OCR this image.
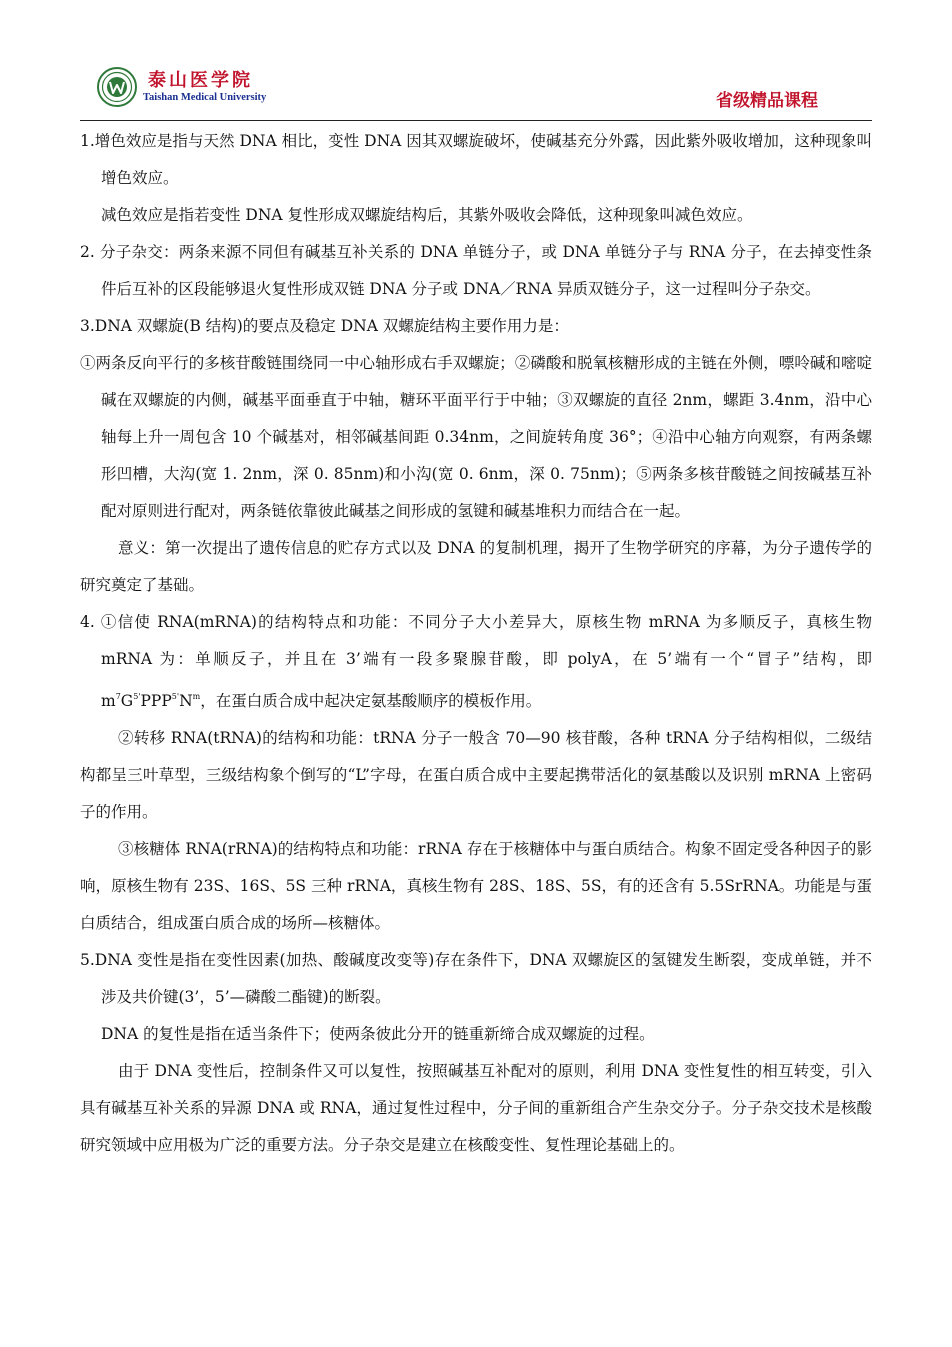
泰山医学院
Taishan Medical University	省级精品课程

1.增色效应是指与天然 DNA 相比，变性 DNA 因其双螺旋破坏，使碱基充分外露，因此紫外吸收增加，这种现象叫增色效应。

减色效应是指若变性 DNA 复性形成双螺旋结构后，其紫外吸收会降低，这种现象叫减色效应。

2. 分子杂交：两条来源不同但有碱基互补关系的 DNA 单链分子，或 DNA 单链分子与 RNA 分子，在去掉变性条件后互补的区段能够退火复性形成双链 DNA 分子或 DNA／RNA 异质双链分子，这一过程叫分子杂交。

3.DNA 双螺旋(B 结构)的要点及稳定 DNA 双螺旋结构主要作用力是：

①两条反向平行的多核苷酸链围绕同一中心轴形成右手双螺旋；②磷酸和脱氧核糖形成的主链在外侧，嘌呤碱和嘧啶碱在双螺旋的内侧，碱基平面垂直于中轴，糖环平面平行于中轴；③双螺旋的直径 2nm，螺距 3.4nm，沿中心轴每上升一周包含 10 个碱基对，相邻碱基间距 0.34nm，之间旋转角度 36°；④沿中心轴方向观察，有两条螺形凹槽，大沟(宽 1. 2nm，深 0. 85nm)和小沟(宽 0. 6nm，深 0. 75nm)；⑤两条多核苷酸链之间按碱基互补配对原则进行配对，两条链依靠彼此碱基之间形成的氢键和碱基堆积力而结合在一起。

意义：第一次提出了遗传信息的贮存方式以及 DNA 的复制机理，揭开了生物学研究的序幕，为分子遗传学的研究奠定了基础。

4. ①信使 RNA(mRNA)的结构特点和功能：不同分子大小差异大，原核生物 mRNA 为多顺反子，真核生物 mRNA 为：单顺反子，并且在 3’端有一段多聚腺苷酸，即 polyA，在 5’端有一个“冒子”结构，即 $m^7G^{5'}PPP^{5'}N^m$，在蛋白质合成中起决定氨基酸顺序的模板作用。

②转移 RNA(tRNA)的结构和功能：tRNA 分子一般含 70—90 核苷酸，各种 tRNA 分子结构相似，二级结构都呈三叶草型，三级结构象个倒写的“L”字母，在蛋白质合成中主要起携带活化的氨基酸以及识别 mRNA 上密码子的作用。

③核糖体 RNA(rRNA)的结构特点和功能：rRNA 存在于核糖体中与蛋白质结合。构象不固定受各种因子的影响，原核生物有 23S、16S、5S 三种 rRNA，真核生物有 28S、18S、5S，有的还含有 5.5SrRNA。功能是与蛋白质结合，组成蛋白质合成的场所—核糖体。

5.DNA 变性是指在变性因素(加热、酸碱度改变等)存在条件下，DNA 双螺旋区的氢键发生断裂，变成单链，并不涉及共价键(3’，5’—磷酸二酯键)的断裂。

DNA 的复性是指在适当条件下；使两条彼此分开的链重新缔合成双螺旋的过程。

由于 DNA 变性后，控制条件又可以复性，按照碱基互补配对的原则，利用 DNA 变性复性的相互转变，引入具有碱基互补关系的异源 DNA 或 RNA，通过复性过程中，分子间的重新组合产生杂交分子。分子杂交技术是核酸研究领域中应用极为广泛的重要方法。分子杂交是建立在核酸变性、复性理论基础上的。
